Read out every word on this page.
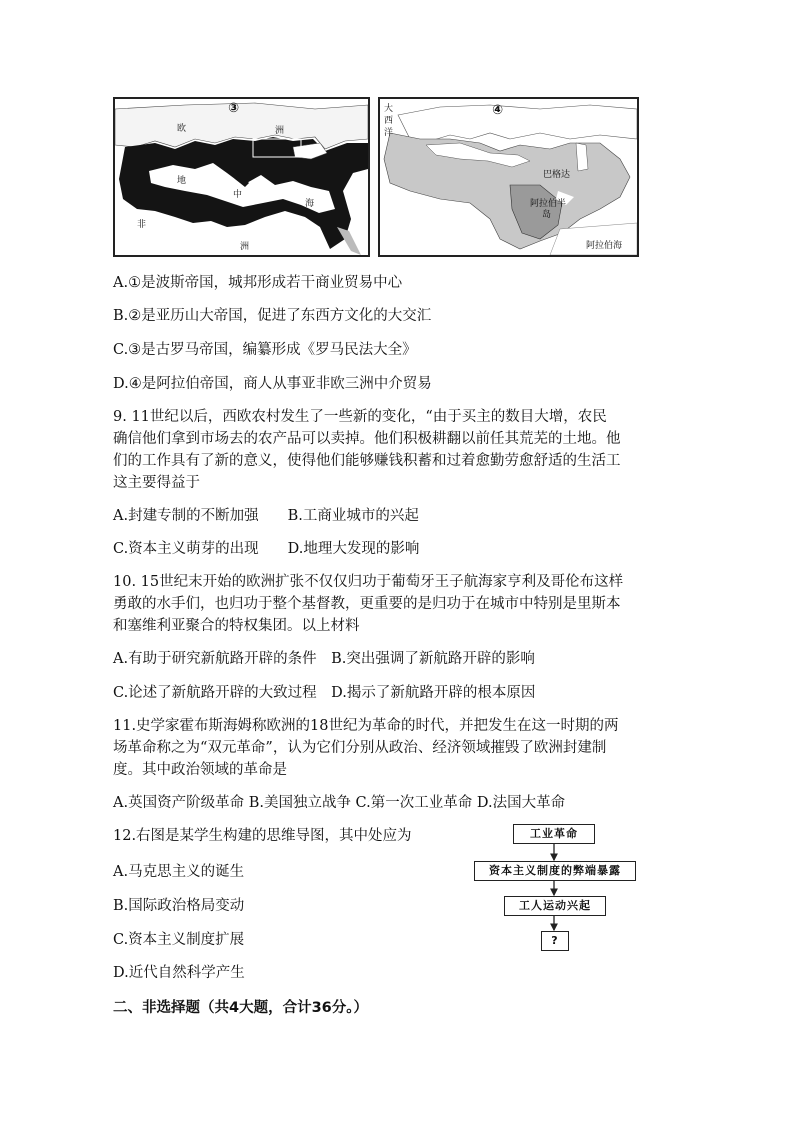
③
欧	洲
地
中
海
非
洲
④
大
西
洋
巴格达
阿拉伯半
岛
阿拉伯海
A.①是波斯帝国，城邦形成若干商业贸易中心
B.②是亚历山大帝国，促进了东西方文化的大交汇
C.③是古罗马帝国，编纂形成《罗马民法大全》
D.④是阿拉伯帝国，商人从事亚非欧三洲中介贸易
9. 11世纪以后，西欧农村发生了一些新的变化，“由于买主的数目大增，农民
确信他们拿到市场去的农产品可以卖掉。他们积极耕翻以前任其荒芜的土地。他
们的工作具有了新的意义，使得他们能够赚钱积蓄和过着愈勤劳愈舒适的生活工
这主要得益于
A.封建专制的不断加强　　B.工商业城市的兴起
C.资本主义萌芽的出现　　D.地理大发现的影响
10. 15世纪末开始的欧洲扩张不仅仅归功于葡萄牙王子航海家亨利及哥伦布这样
勇敢的水手们，也归功于整个基督教，更重要的是归功于在城市中特别是里斯本
和塞维利亚聚合的特权集团。以上材料
A.有助于研究新航路开辟的条件　B.突出强调了新航路开辟的影响
C.论述了新航路开辟的大致过程　D.揭示了新航路开辟的根本原因
11.史学家霍布斯海姆称欧洲的18世纪为革命的时代，并把发生在这一时期的两
场革命称之为“双元革命”，认为它们分别从政治、经济领域摧毁了欧洲封建制
度。其中政治领域的革命是
A.英国资产阶级革命 B.美国独立战争 C.第一次工业革命 D.法国大革命
12.右图是某学生构建的思维导图，其中处应为
A.马克思主义的诞生
B.国际政治格局变动
C.资本主义制度扩展
D.近代自然科学产生
工业革命
资本主义制度的弊端暴露
工人运动兴起
?
二、非选择题（共4大题，合计36分。）
